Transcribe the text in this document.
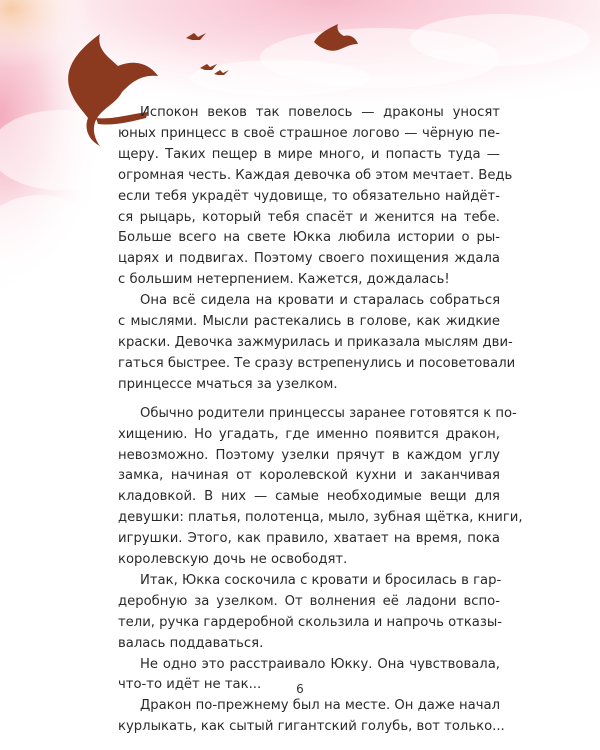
Испокон веков так повелось — драконы уносят
юных принцесс в своё страшное логово — чёрную пе-
щеру. Таких пещер в мире много, и попасть туда —
огромная честь. Каждая девочка об этом мечтает. Ведь
если тебя украдёт чудовище, то обязательно найдёт-
ся рыцарь, который тебя спасёт и женится на тебе.
Больше всего на свете Юкка любила истории о ры-
царях и подвигах. Поэтому своего похищения ждала
с большим нетерпением. Кажется, дождалась!

Она всё сидела на кровати и старалась собраться
с мыслями. Мысли растекались в голове, как жидкие
краски. Девочка зажмурилась и приказала мыслям дви-
гаться быстрее. Те сразу встрепенулись и посоветовали
принцессе мчаться за узелком.

Обычно родители принцессы заранее готовятся к по-
хищению. Но угадать, где именно появится дракон,
невозможно. Поэтому узелки прячут в каждом углу
замка, начиная от королевской кухни и заканчивая
кладовкой. В них — самые необходимые вещи для
девушки: платья, полотенца, мыло, зубная щётка, книги,
игрушки. Этого, как правило, хватает на время, пока
королевскую дочь не освободят.

Итак, Юкка соскочила с кровати и бросилась в гар-
деробную за узелком. От волнения её ладони вспо-
тели, ручка гардеробной скользила и напрочь отказы-
валась поддаваться.

Не одно это расстраивало Юкку. Она чувствовала,
что-то идёт не так...

Дракон по-прежнему был на месте. Он даже начал
курлыкать, как сытый гигантский голубь, вот только...

6
